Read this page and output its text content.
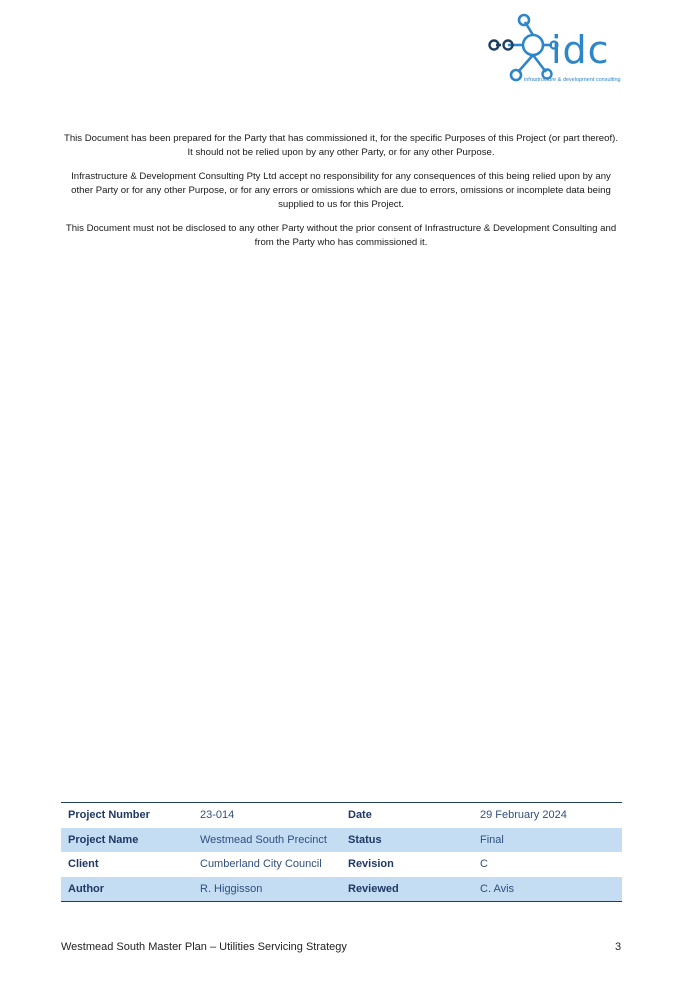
idc
infrastructure & development consulting

This Document has been prepared for the Party that has commissioned it, for the specific Purposes of this Project (or part thereof). It should not be relied upon by any other Party, or for any other Purpose.

Infrastructure & Development Consulting Pty Ltd accept no responsibility for any consequences of this being relied upon by any other Party or for any other Purpose, or for any errors or omissions which are due to errors, omissions or incomplete data being supplied to us for this Project.

This Document must not be disclosed to any other Party without the prior consent of Infrastructure & Development Consulting and from the Party who has commissioned it.

Project Number	23-014	Date	29 February 2024
Project Name	Westmead South Precinct	Status	Final
Client	Cumberland City Council	Revision	C
Author	R. Higgisson	Reviewed	C. Avis
Westmead South Master Plan – Utilities Servicing Strategy	3
